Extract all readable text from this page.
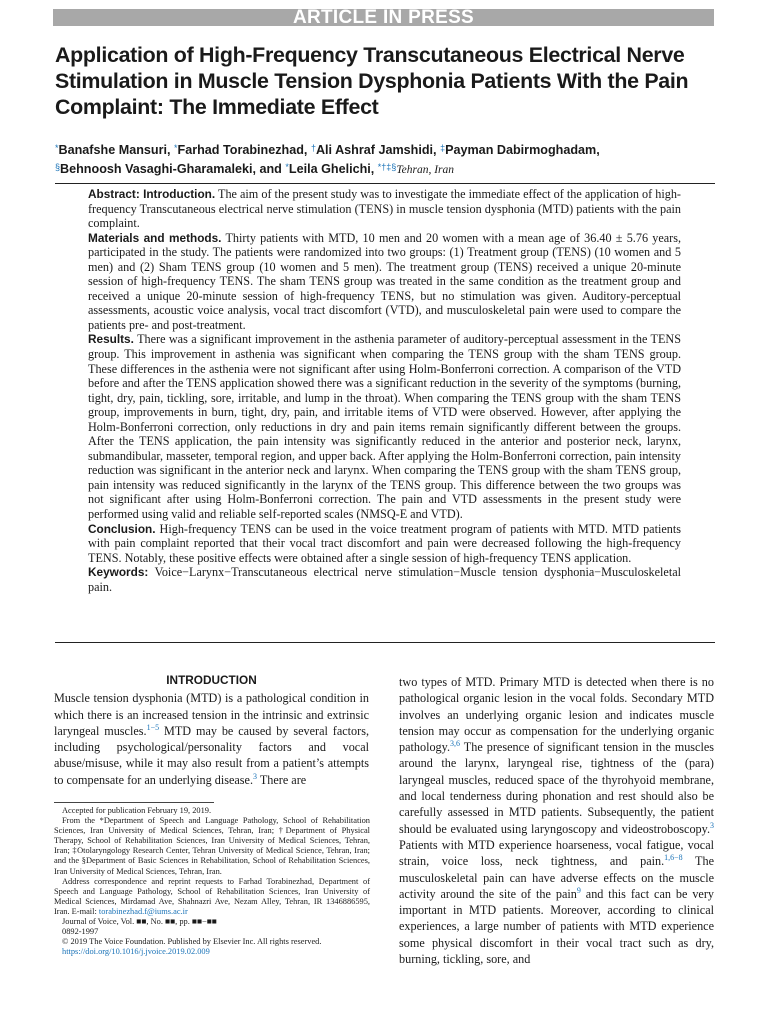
ARTICLE IN PRESS
Application of High-Frequency Transcutaneous Electrical Nerve Stimulation in Muscle Tension Dysphonia Patients With the Pain Complaint: The Immediate Effect
*Banafshe Mansuri, *Farhad Torabinezhad, †Ali Ashraf Jamshidi, ‡Payman Dabirmoghadam,
§Behnoosh Vasaghi-Gharamaleki, and *Leila Ghelichi, *†‡§Tehran, Iran

Abstract: Introduction. The aim of the present study was to investigate the immediate effect of the application of high-frequency Transcutaneous electrical nerve stimulation (TENS) in muscle tension dysphonia (MTD) patients with the pain complaint.

Materials and methods. Thirty patients with MTD, 10 men and 20 women with a mean age of 36.40 ± 5.76 years, participated in the study. The patients were randomized into two groups: (1) Treatment group (TENS) (10 women and 5 men) and (2) Sham TENS group (10 women and 5 men). The treatment group (TENS) received a unique 20-minute session of high-frequency TENS. The sham TENS group was treated in the same condition as the treatment group and received a unique 20-minute session of high-frequency TENS, but no stimulation was given. Auditory-perceptual assessments, acoustic voice analysis, vocal tract discomfort (VTD), and musculoskeletal pain were used to compare the patients pre- and post-treatment.

Results. There was a significant improvement in the asthenia parameter of auditory-perceptual assessment in the TENS group. This improvement in asthenia was significant when comparing the TENS group with the sham TENS group. These differences in the asthenia were not significant after using Holm-Bonferroni correction. A comparison of the VTD before and after the TENS application showed there was a significant reduction in the severity of the symptoms (burning, tight, dry, pain, tickling, sore, irritable, and lump in the throat). When comparing the TENS group with the sham TENS group, improvements in burn, tight, dry, pain, and irritable items of VTD were observed. However, after applying the Holm-Bonferroni correction, only reductions in dry and pain items remain significantly different between the groups. After the TENS application, the pain intensity was significantly reduced in the anterior and posterior neck, larynx, submandibular, masseter, temporal region, and upper back. After applying the Holm-Bonferroni correction, pain intensity reduction was significant in the anterior neck and larynx. When comparing the TENS group with the sham TENS group, pain intensity was reduced significantly in the larynx of the TENS group. This difference between the two groups was not significant after using Holm-Bonferroni correction. The pain and VTD assessments in the present study were performed using valid and reliable self-reported scales (NMSQ-E and VTD).

Conclusion. High-frequency TENS can be used in the voice treatment program of patients with MTD. MTD patients with pain complaint reported that their vocal tract discomfort and pain were decreased following the high-frequency TENS. Notably, these positive effects were obtained after a single session of high-frequency TENS application.

Keywords: Voice−Larynx−Transcutaneous electrical nerve stimulation−Muscle tension dysphonia−Musculoskeletal pain.

INTRODUCTION

Muscle tension dysphonia (MTD) is a pathological condition in which there is an increased tension in the intrinsic and extrinsic laryngeal muscles.$^{1-5}$ MTD may be caused by several factors, including psychological/personality factors and vocal abuse/misuse, while it may also result from a patient’s attempts to compensate for an underlying disease.$^3$ There are

Accepted for publication February 19, 2019.

From the *Department of Speech and Language Pathology, School of Rehabilitation Sciences, Iran University of Medical Sciences, Tehran, Iran; †Department of Physical Therapy, School of Rehabilitation Sciences, Iran University of Medical Sciences, Tehran, Iran; ‡Otolaryngology Research Center, Tehran University of Medical Science, Tehran, Iran; and the §Department of Basic Sciences in Rehabilitation, School of Rehabilitation Sciences, Iran University of Medical Sciences, Tehran, Iran.

Address correspondence and reprint requests to Farhad Torabinezhad, Department of Speech and Language Pathology, School of Rehabilitation Sciences, Iran University of Medical Sciences, Mirdamad Ave, Shahnazri Ave, Nezam Alley, Tehran, IR 1346886595, Iran. E-mail: torabinezhad.f@iums.ac.ir

Journal of Voice, Vol. ■■, No. ■■, pp. ■■−■■

0892-1997

© 2019 The Voice Foundation. Published by Elsevier Inc. All rights reserved.

https://doi.org/10.1016/j.jvoice.2019.02.009

two types of MTD. Primary MTD is detected when there is no pathological organic lesion in the vocal folds. Secondary MTD involves an underlying organic lesion and indicates muscle tension may occur as compensation for the underlying organic pathology.$^{3,6}$ The presence of significant tension in the muscles around the larynx, laryngeal rise, tightness of the (para) laryngeal muscles, reduced space of the thyrohyoid membrane, and local tenderness during phonation and rest should also be carefully assessed in MTD patients. Subsequently, the patient should be evaluated using laryngoscopy and videostroboscopy.$^3$ Patients with MTD experience hoarseness, vocal fatigue, vocal strain, voice loss, neck tightness, and pain.$^{1,6-8}$ The musculoskeletal pain can have adverse effects on the muscle activity around the site of the pain$^9$ and this fact can be very important in MTD patients. Moreover, according to clinical experiences, a large number of patients with MTD experience some physical discomfort in their vocal tract such as dry, burning, tickling, sore, and
